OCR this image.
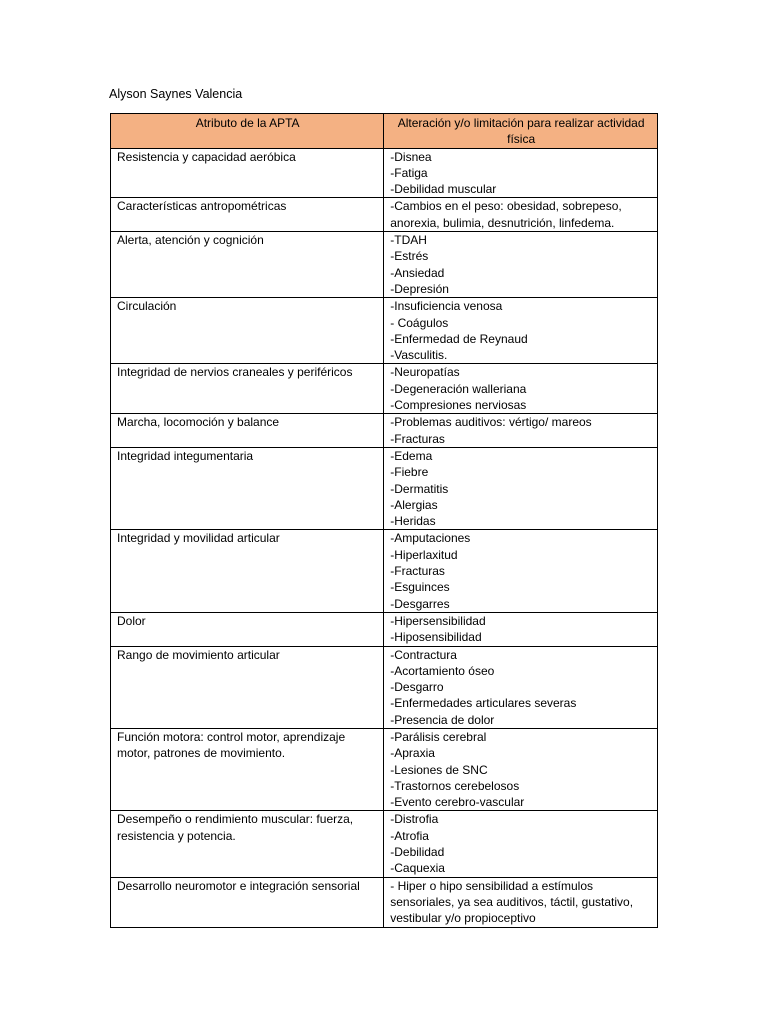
Alyson Saynes Valencia
Atributo de la APTA	Alteración y/o limitación para realizar actividad física
Resistencia y capacidad aeróbica	-Disnea
-Fatiga
-Debilidad muscular

Características antropométricas	-Cambios en el peso: obesidad, sobrepeso, anorexia, bulimia, desnutrición, linfedema.

Alerta, atención y cognición	-TDAH
-Estrés
-Ansiedad
-Depresión

Circulación	-Insuficiencia venosa
- Coágulos
-Enfermedad de Reynaud
-Vasculitis.

Integridad de nervios craneales y periféricos	-Neuropatías
-Degeneración walleriana
-Compresiones nerviosas

Marcha, locomoción y balance	-Problemas auditivos: vértigo/ mareos
-Fracturas

Integridad integumentaria	-Edema
-Fiebre
-Dermatitis
-Alergias
-Heridas

Integridad y movilidad articular	-Amputaciones
-Hiperlaxitud
-Fracturas
-Esguinces
-Desgarres

Dolor	-Hipersensibilidad
-Hiposensibilidad

Rango de movimiento articular	-Contractura
-Acortamiento óseo
-Desgarro
-Enfermedades articulares severas
-Presencia de dolor

Función motora: control motor, aprendizaje motor, patrones de movimiento.	-Parálisis cerebral
-Apraxia
-Lesiones de SNC
-Trastornos cerebelosos
-Evento cerebro-vascular

Desempeño o rendimiento muscular: fuerza, resistencia y potencia.	-Distrofia
-Atrofia
-Debilidad
-Caquexia

Desarrollo neuromotor e integración sensorial	- Hiper o hipo sensibilidad a estímulos sensoriales, ya sea auditivos, táctil, gustativo, vestibular y/o propioceptivo
